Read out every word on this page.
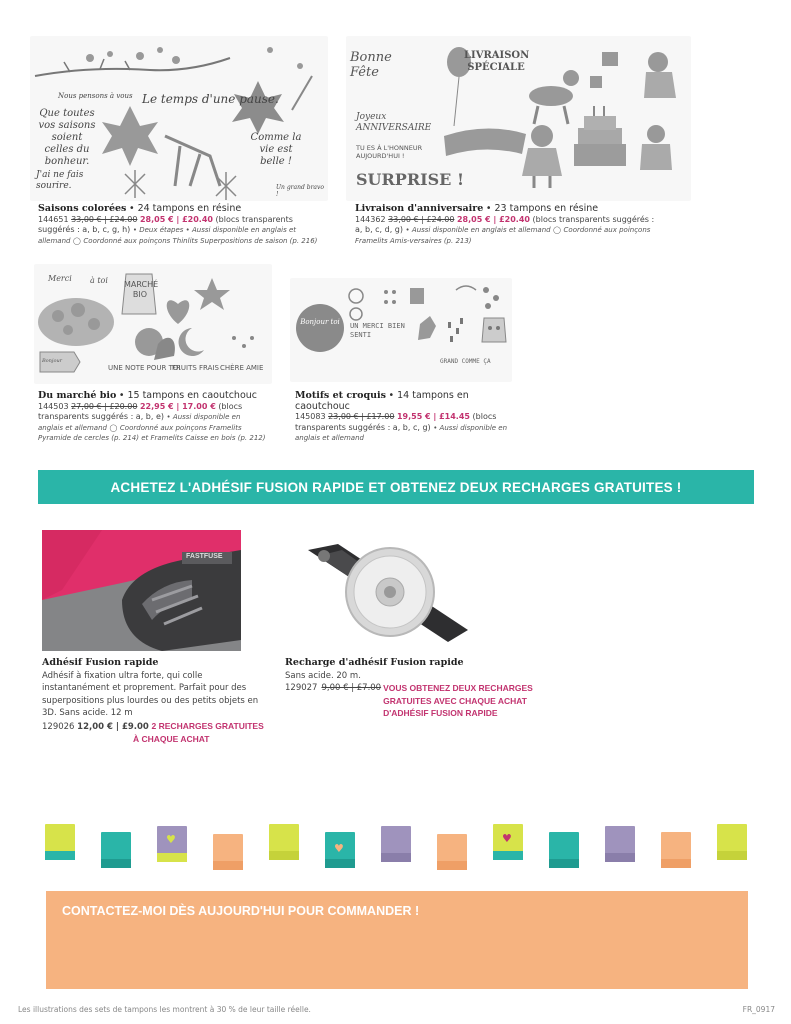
Nous pensons à vous Le temps d'une pause.
Que toutes vos saisons soient celles du bonheur.
Comme la vie est belle !
J'ai ne fais sourire.	Un grand bravo !
Saisons colorées • 24 tampons en résine
144651 33,00 € | £24.00 28,05 € | £20.40 (blocs transparents suggérés : a, b, c, g, h) • Deux étapes • Aussi disponible en anglais et allemand ◯ Coordonné aux poinçons Thinlits Superpositions de saison (p. 216)
Bonne Fête
LIVRAISON SPÉCIALE
Joyeux ANNIVERSAIRE
TU ES À L'HONNEUR AUJOURD'HUI !
SURPRISE !
Livraison d'anniversaire • 23 tampons en résine
144362 33,00 € | £24.00 28,05 € | £20.40 (blocs transparents suggérés : a, b, c, d, g) • Aussi disponible en anglais et allemand ◯ Coordonné aux poinçons Framelits Amis-versaires (p. 213)
Merci à toi MARCHÉ BIO
Bonjour
UNE NOTE POUR TOI
FRUITS FRAIS CHÈRE AMIE
Du marché bio • 15 tampons en caoutchouc
144503 27,00 € | £20.00 22,95 € | 17.00 € (blocs transparents suggérés : a, b, e) • Aussi disponible en anglais et allemand ◯ Coordonné aux poinçons Framelits Pyramide de cercles (p. 214) et Framelits Caisse en bois (p. 212)
Bonjour toi UN MERCI BIEN SENTI
GRAND COMME ÇA
Motifs et croquis • 14 tampons en caoutchouc
145083 23,00 € | £17.00 19,55 € | £14.45 (blocs transparents suggérés : a, b, c, g) • Aussi disponible en anglais et allemand
ACHETEZ L'ADHÉSIF FUSION RAPIDE ET OBTENEZ DEUX RECHARGES GRATUITES !
FASTFUSE
Adhésif Fusion rapide
Adhésif à fixation ultra forte, qui colle instantanément et proprement. Parfait pour des superpositions plus lourdes ou des petits objets en 3D. Sans acide. 12 m
129026 12,00 € | £9.00 2 RECHARGES GRATUITES
À CHAQUE ACHAT
Recharge d'adhésif Fusion rapide
Sans acide. 20 m.
129027 9,00 € | £7.00 VOUS OBTENEZ DEUX RECHARGES
GRATUITES AVEC CHAQUE ACHAT
D'ADHÉSIF FUSION RAPIDE
♥
♥
♥
CONTACTEZ-MOI DÈS AUJOURD'HUI POUR COMMANDER !
Les illustrations des sets de tampons les montrent à 30 % de leur taille réelle.	FR_0917
